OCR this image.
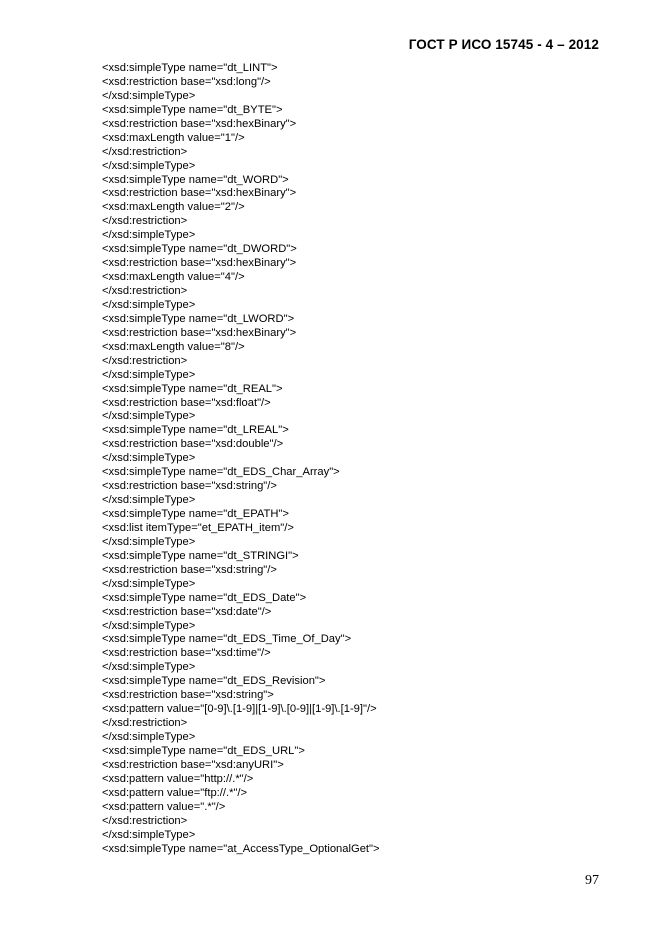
ГОСТ Р ИСО 15745 - 4 – 2012
<xsd:simpleType name="dt_LINT">
<xsd:restriction base="xsd:long"/>
</xsd:simpleType>
<xsd:simpleType name="dt_BYTE">
<xsd:restriction base="xsd:hexBinary">
<xsd:maxLength value="1"/>
</xsd:restriction>
</xsd:simpleType>
<xsd:simpleType name="dt_WORD">
<xsd:restriction base="xsd:hexBinary">
<xsd:maxLength value="2"/>
</xsd:restriction>
</xsd:simpleType>
<xsd:simpleType name="dt_DWORD">
<xsd:restriction base="xsd:hexBinary">
<xsd:maxLength value="4"/>
</xsd:restriction>
</xsd:simpleType>
<xsd:simpleType name="dt_LWORD">
<xsd:restriction base="xsd:hexBinary">
<xsd:maxLength value="8"/>
</xsd:restriction>
</xsd:simpleType>
<xsd:simpleType name="dt_REAL">
<xsd:restriction base="xsd:float"/>
</xsd:simpleType>
<xsd:simpleType name="dt_LREAL">
<xsd:restriction base="xsd:double"/>
</xsd:simpleType>
<xsd:simpleType name="dt_EDS_Char_Array">
<xsd:restriction base="xsd:string"/>
</xsd:simpleType>
<xsd:simpleType name="dt_EPATH">
<xsd:list itemType="et_EPATH_item"/>
</xsd:simpleType>
<xsd:simpleType name="dt_STRINGI">
<xsd:restriction base="xsd:string"/>
</xsd:simpleType>
<xsd:simpleType name="dt_EDS_Date">
<xsd:restriction base="xsd:date"/>
</xsd:simpleType>
<xsd:simpleType name="dt_EDS_Time_Of_Day">
<xsd:restriction base="xsd:time"/>
</xsd:simpleType>
<xsd:simpleType name="dt_EDS_Revision">
<xsd:restriction base="xsd:string">
<xsd:pattern value="[0-9]\.[1-9]|[1-9]\.[0-9]|[1-9]\.[1-9]"/>
</xsd:restriction>
</xsd:simpleType>
<xsd:simpleType name="dt_EDS_URL">
<xsd:restriction base="xsd:anyURI">
<xsd:pattern value="http://.*"/>
<xsd:pattern value="ftp://.*"/>
<xsd:pattern value=".*"/>
</xsd:restriction>
</xsd:simpleType>
<xsd:simpleType name="at_AccessType_OptionalGet">
97
